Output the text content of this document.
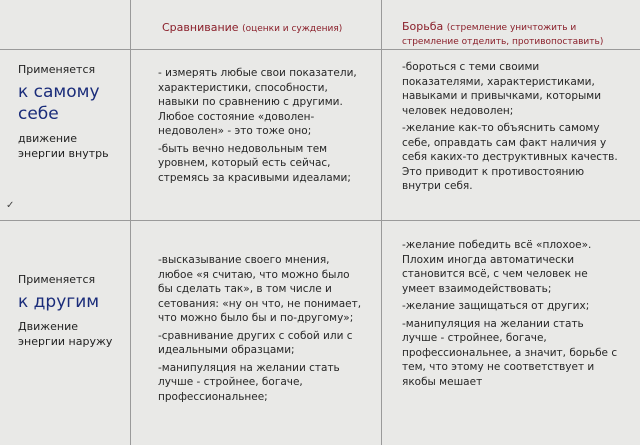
✓
Сравнивание (оценки и суждения)	Борьба (стремление уничтожить и
стремление отделить, противопоставить)
Применяется
к самому
себе
движение
энергии внутрь

- измерять любые свои показатели,
характеристики, способности,
навыки по сравнению с другими.
Любое состояние «доволен-
недоволен» - это тоже оно;

-быть вечно недовольным тем
уровнем, который есть сейчас,
стремясь за красивыми идеалами;

-бороться с теми своими
показателями, характеристиками,
навыками и привычками, которыми
человек недоволен;

-желание как-то объяснить самому
себе, оправдать сам факт наличия у
себя каких-то деструктивных качеств.
Это приводит к противостоянию
внутри себя.

Применяется
к другим
Движение
энергии наружу

-высказывание своего мнения,
любое «я считаю, что можно было
бы сделать так», в том числе и
сетования: «ну он что, не понимает,
что можно было бы и по-другому»;

-сравнивание других с собой или с
идеальными образцами;

-манипуляция на желании стать
лучше - стройнее, богаче,
профессиональнее;

-желание победить всё «плохое».
Плохим иногда автоматически
становится всё, с чем человек не
умеет взаимодействовать;

-желание защищаться от других;

-манипуляция на желании стать
лучше - стройнее, богаче,
профессиональнее, а значит, борьбе с
тем, что этому не соответствует и
якобы мешает
